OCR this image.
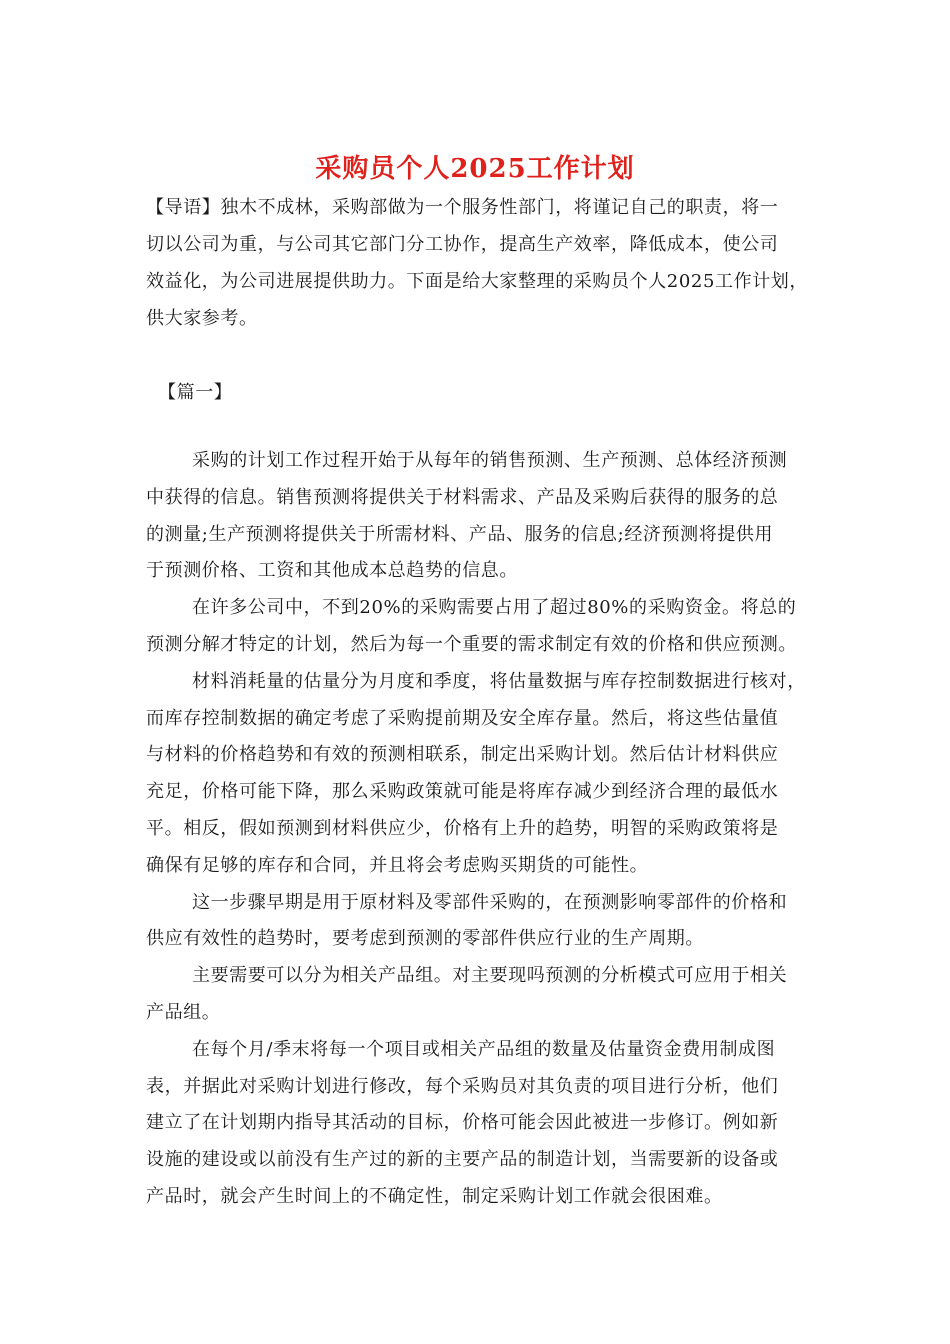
采购员个人2025工作计划
【导语】独木不成林，采购部做为一个服务性部门，将谨记自己的职责，将一
切以公司为重，与公司其它部门分工协作，提高生产效率，降低成本，使公司
效益化，为公司进展提供助力。下面是给大家整理的采购员个人2025工作计划，
供大家参考。
【篇一】
采购的计划工作过程开始于从每年的销售预测、生产预测、总体经济预测
中获得的信息。销售预测将提供关于材料需求、产品及采购后获得的服务的总
的测量;生产预测将提供关于所需材料、产品、服务的信息;经济预测将提供用
于预测价格、工资和其他成本总趋势的信息。
在许多公司中，不到20%的采购需要占用了超过80%的采购资金。将总的
预测分解才特定的计划，然后为每一个重要的需求制定有效的价格和供应预测。
材料消耗量的估量分为月度和季度，将估量数据与库存控制数据进行核对，
而库存控制数据的确定考虑了采购提前期及安全库存量。然后，将这些估量值
与材料的价格趋势和有效的预测相联系，制定出采购计划。然后估计材料供应
充足，价格可能下降，那么采购政策就可能是将库存减少到经济合理的最低水
平。相反，假如预测到材料供应少，价格有上升的趋势，明智的采购政策将是
确保有足够的库存和合同，并且将会考虑购买期货的可能性。
这一步骤早期是用于原材料及零部件采购的，在预测影响零部件的价格和
供应有效性的趋势时，要考虑到预测的零部件供应行业的生产周期。
主要需要可以分为相关产品组。对主要现吗预测的分析模式可应用于相关
产品组。
在每个月/季末将每一个项目或相关产品组的数量及估量资金费用制成图
表，并据此对采购计划进行修改，每个采购员对其负责的项目进行分析，他们
建立了在计划期内指导其活动的目标，价格可能会因此被进一步修订。例如新
设施的建设或以前没有生产过的新的主要产品的制造计划，当需要新的设备或
产品时，就会产生时间上的不确定性，制定采购计划工作就会很困难。
